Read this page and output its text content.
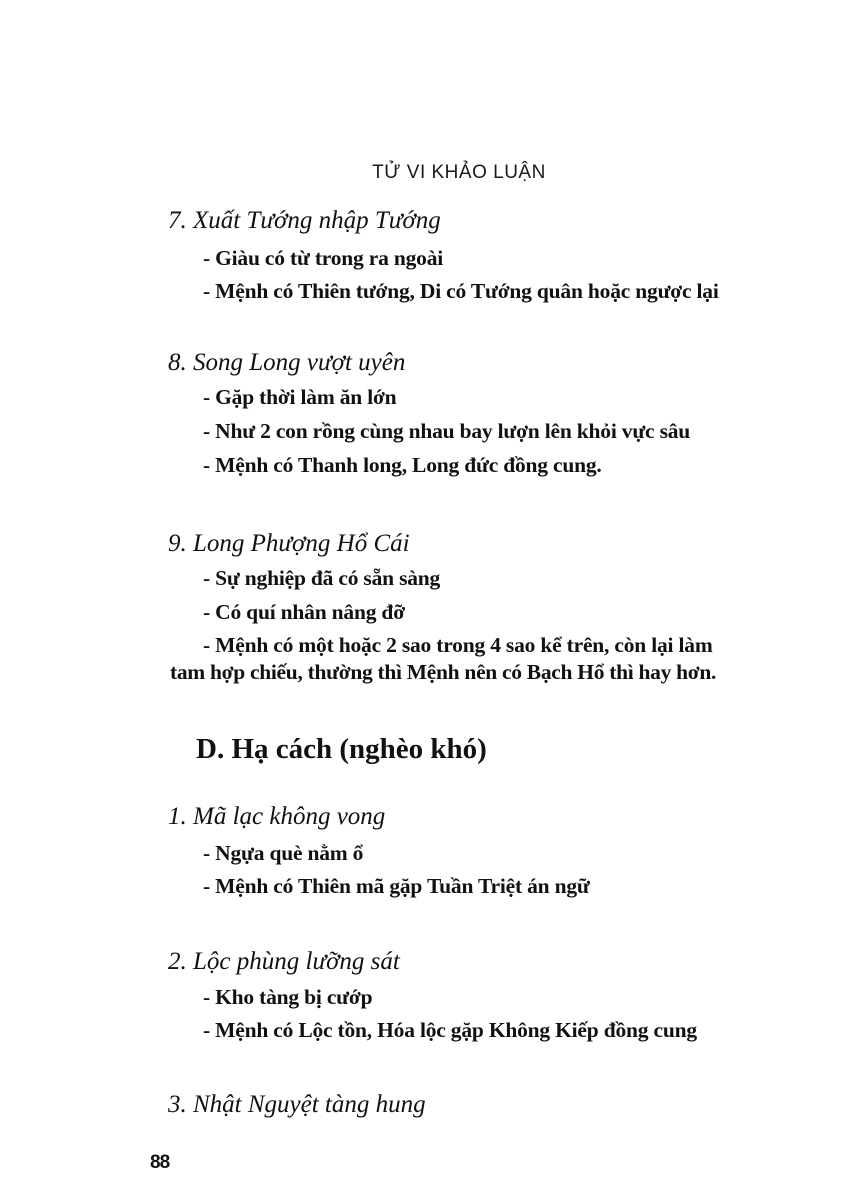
TỬ VI KHẢO LUẬN
7. Xuất Tướng nhập Tướng
- Giàu có từ trong ra ngoài
- Mệnh có Thiên tướng, Di có Tướng quân hoặc ngược lại
8. Song Long vượt uyên
- Gặp thời làm ăn lớn
- Như 2 con rồng cùng nhau bay lượn lên khỏi vực sâu
- Mệnh có Thanh long, Long đức đồng cung.
9. Long Phượng Hổ Cái
- Sự nghiệp đã có sẵn sàng
- Có quí nhân nâng đỡ
- Mệnh có một hoặc 2 sao trong 4 sao kể trên, còn lại làm
tam hợp chiếu, thường thì Mệnh nên có Bạch Hổ thì hay hơn.
D. Hạ cách (nghèo khó)
1. Mã lạc không vong
- Ngựa què nằm ổ
- Mệnh có Thiên mã gặp Tuần Triệt án ngữ
2. Lộc phùng lưỡng sát
- Kho tàng bị cướp
- Mệnh có Lộc tồn, Hóa lộc gặp Không Kiếp đồng cung
3. Nhật Nguyệt tàng hung
88
